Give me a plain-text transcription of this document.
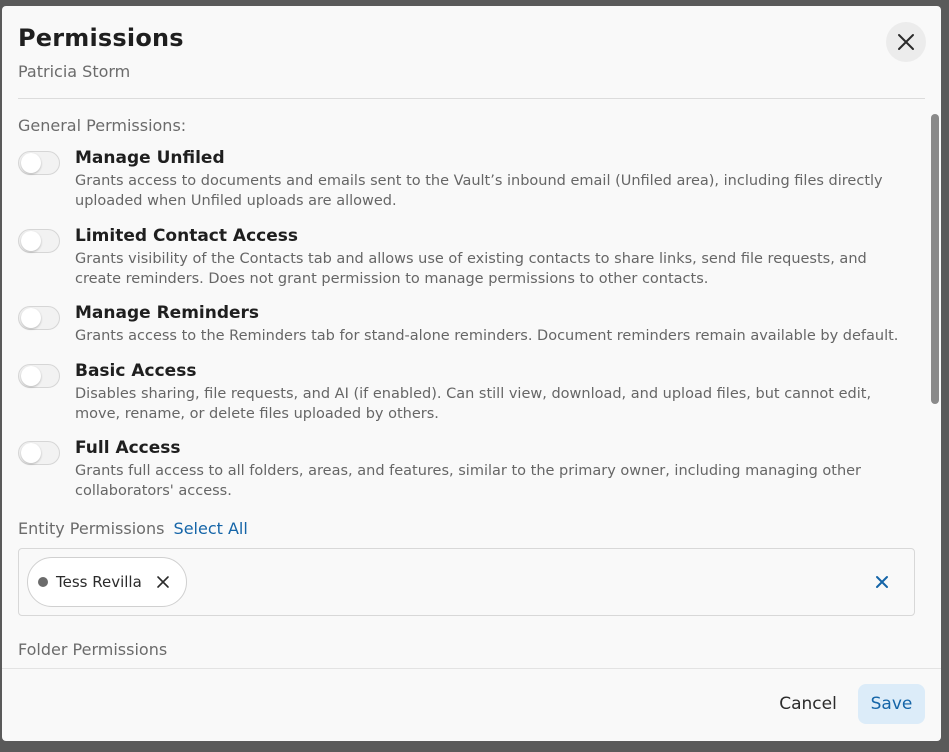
Permissions
Patricia Storm
General Permissions:
Manage Unfiled
Grants access to documents and emails sent to the Vault’s inbound email (Unfiled area), including files directly uploaded when Unfiled uploads are allowed.
Limited Contact Access
Grants visibility of the Contacts tab and allows use of existing contacts to share links, send file requests, and create reminders. Does not grant permission to manage permissions to other contacts.
Manage Reminders
Grants access to the Reminders tab for stand-alone reminders. Document reminders remain available by default.
Basic Access
Disables sharing, file requests, and AI (if enabled). Can still view, download, and upload files, but cannot edit, move, rename, or delete files uploaded by others.
Full Access
Grants full access to all folders, areas, and features, similar to the primary owner, including managing other collaborators' access.
Entity Permissions Select All
Tess Revilla
Folder Permissions
Cancel	Save
